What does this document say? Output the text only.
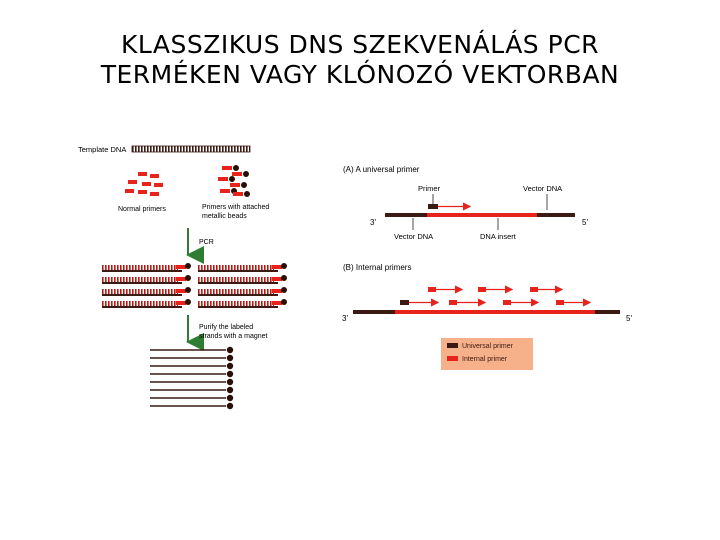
KLASSZIKUS DNS SZEKVENÁLÁS PCR
TERMÉKEN VAGY KLÓNOZÓ VEKTORBAN
Template DNA
Normal primers	Primers with attached
metallic beads
PCR
Purify the labeled
strands with a magnet
(A) A universal primer
Primer	Vector DNA
3'	5'
Vector DNA	DNA insert
(B) Internal primers
3'	5'
Universal primer
Internal primer
